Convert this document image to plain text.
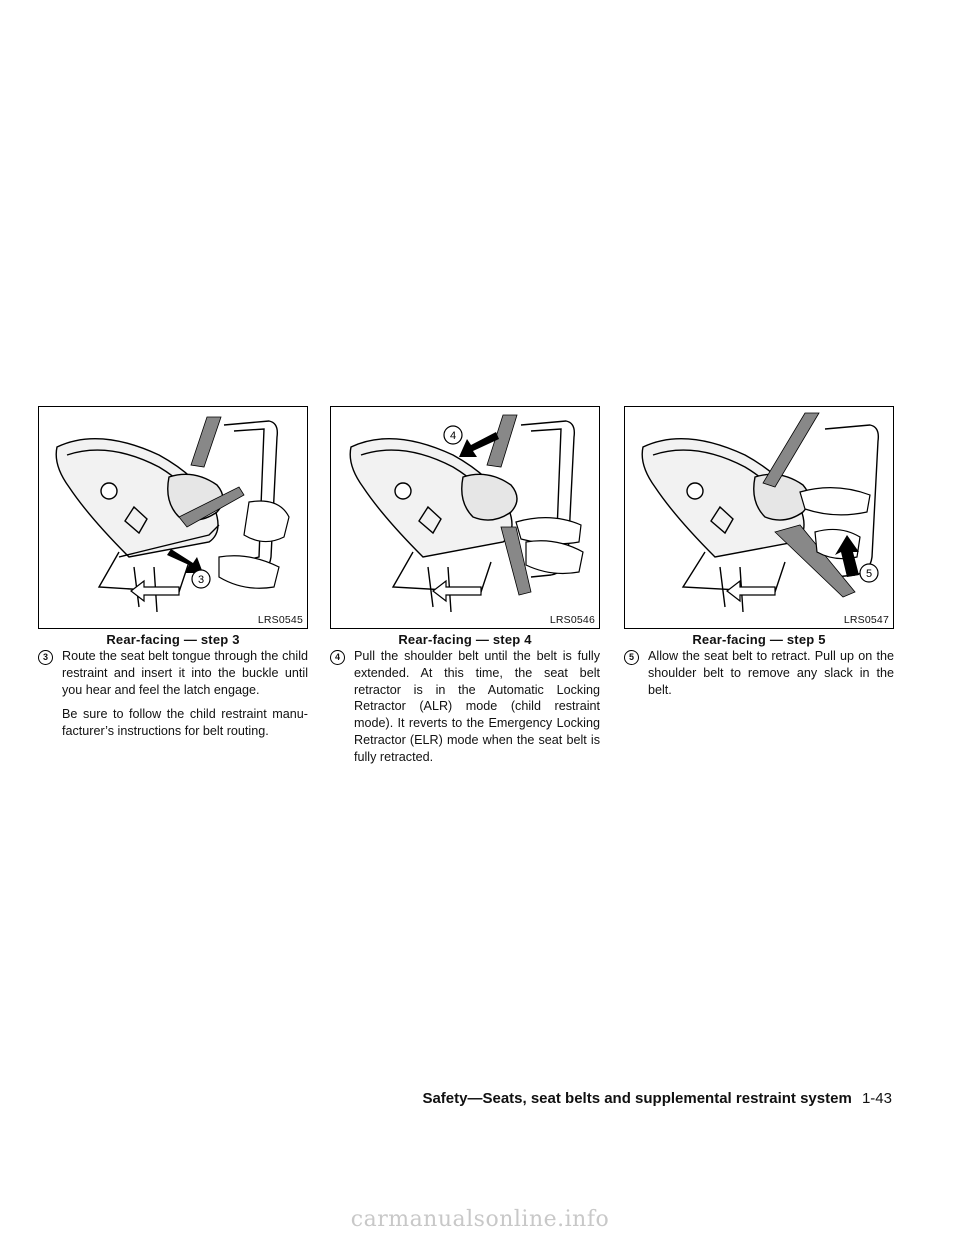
3
LRS0545
Rear-facing — step 3
3	Route the seat belt tongue through the child restraint and insert it into the buckle until you hear and feel the latch engage.
Be sure to follow the child restraint manu-facturer’s instructions for belt routing.
4
LRS0546
Rear-facing — step 4
4	Pull the shoulder belt until the belt is fully extended. At this time, the seat belt retractor is in the Automatic Locking Retractor (ALR) mode (child restraint mode). It reverts to the Emergency Locking Retractor (ELR) mode when the seat belt is fully retracted.
5
LRS0547
Rear-facing — step 5
5	Allow the seat belt to retract. Pull up on the shoulder belt to remove any slack in the belt.
Safety—Seats, seat belts and supplemental restraint system 1-43
carmanualsonline.info
